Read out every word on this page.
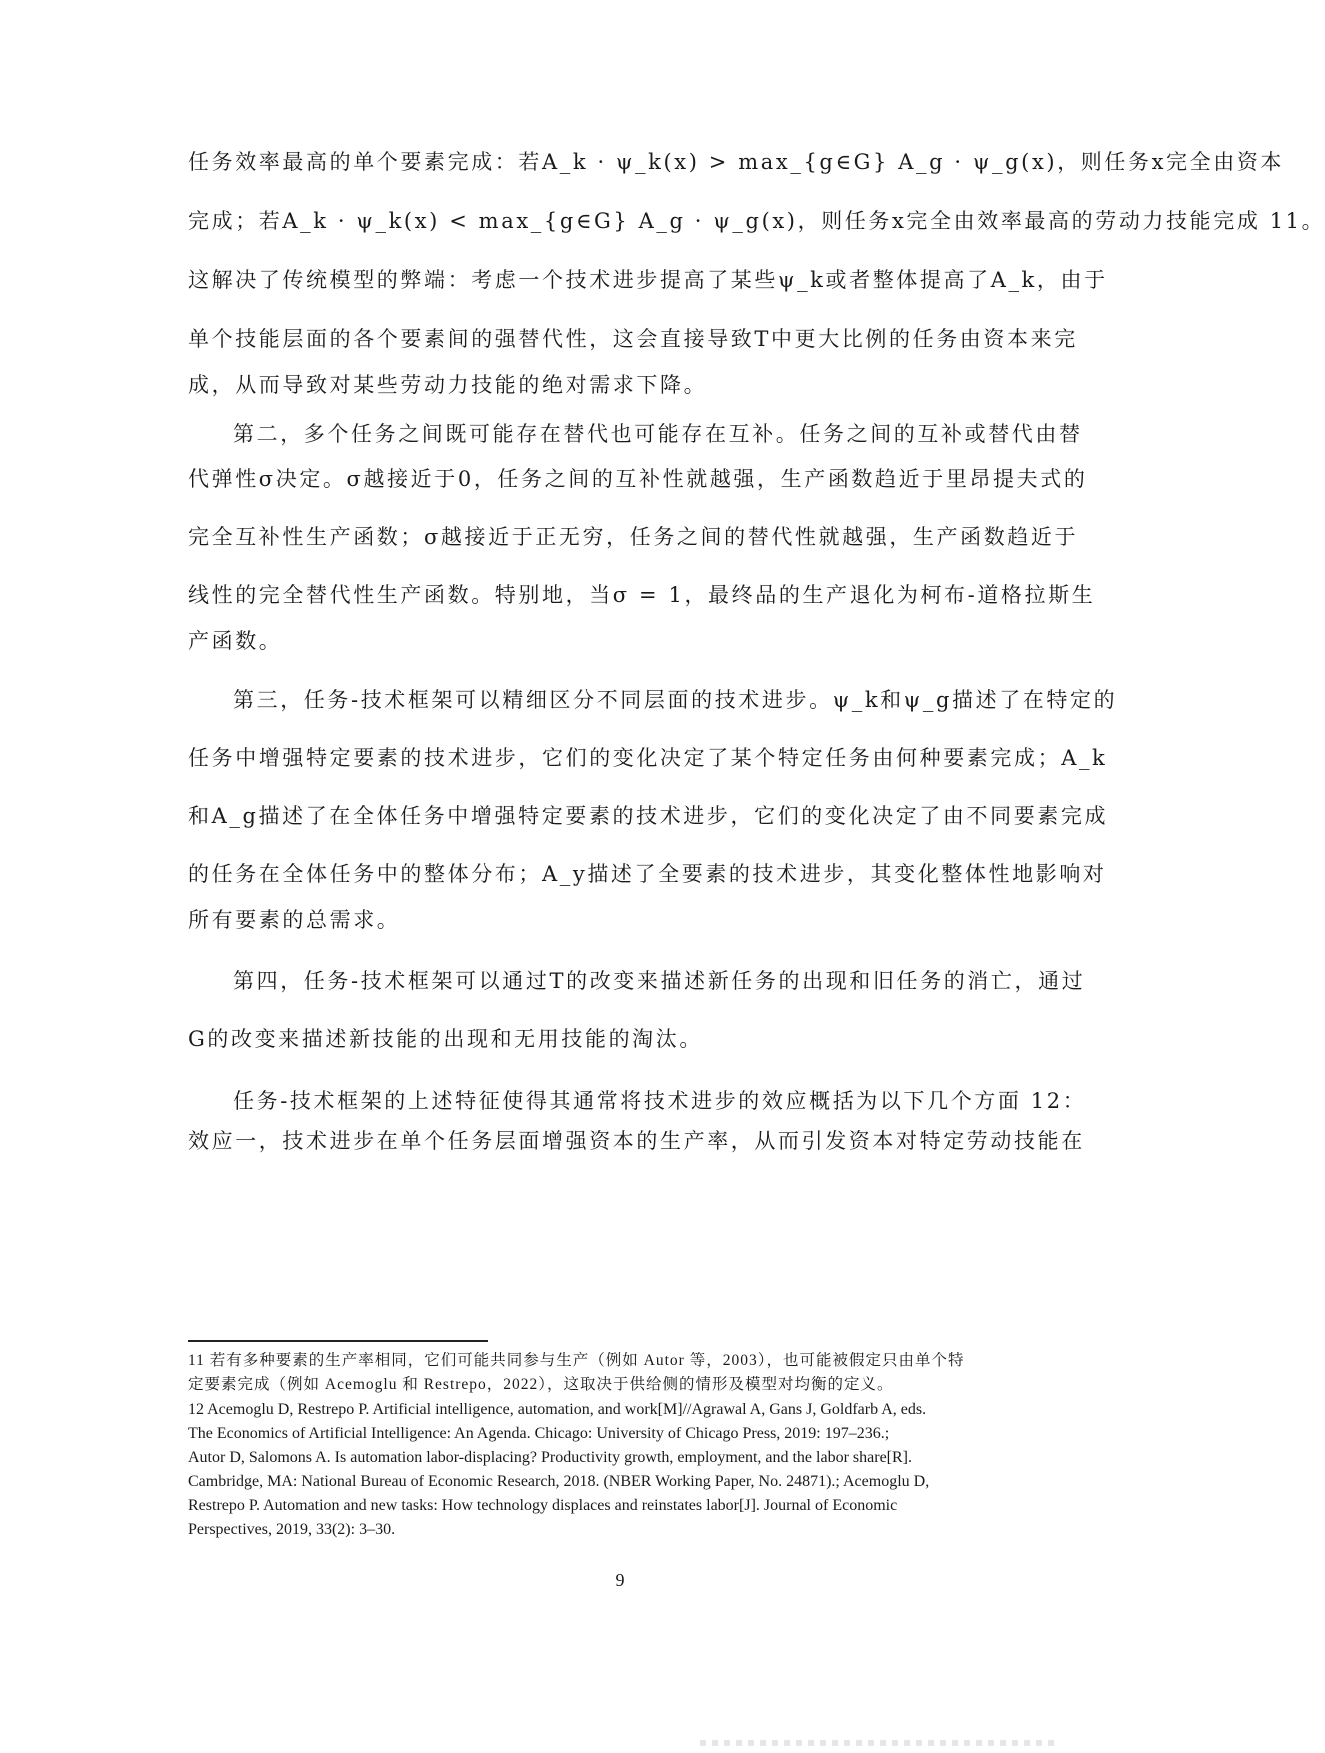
任务效率最高的单个要素完成：若A_k · ψ_k(x) > max_{g∈G} A_g · ψ_g(x)，则任务x完全由资本
完成；若A_k · ψ_k(x) < max_{g∈G} A_g · ψ_g(x)，则任务x完全由效率最高的劳动力技能完成 11。
这解决了传统模型的弊端：考虑一个技术进步提高了某些ψ_k或者整体提高了A_k，由于
单个技能层面的各个要素间的强替代性，这会直接导致T中更大比例的任务由资本来完
成，从而导致对某些劳动力技能的绝对需求下降。
第二，多个任务之间既可能存在替代也可能存在互补。任务之间的互补或替代由替
代弹性σ决定。σ越接近于0，任务之间的互补性就越强，生产函数趋近于里昂提夫式的
完全互补性生产函数；σ越接近于正无穷，任务之间的替代性就越强，生产函数趋近于
线性的完全替代性生产函数。特别地，当σ = 1，最终品的生产退化为柯布-道格拉斯生
产函数。
第三，任务-技术框架可以精细区分不同层面的技术进步。ψ_k和ψ_g描述了在特定的
任务中增强特定要素的技术进步，它们的变化决定了某个特定任务由何种要素完成；A_k
和A_g描述了在全体任务中增强特定要素的技术进步，它们的变化决定了由不同要素完成
的任务在全体任务中的整体分布；A_y描述了全要素的技术进步，其变化整体性地影响对
所有要素的总需求。
第四，任务-技术框架可以通过T的改变来描述新任务的出现和旧任务的消亡，通过
G的改变来描述新技能的出现和无用技能的淘汰。
任务-技术框架的上述特征使得其通常将技术进步的效应概括为以下几个方面 12：
效应一，技术进步在单个任务层面增强资本的生产率，从而引发资本对特定劳动技能在
11 若有多种要素的生产率相同，它们可能共同参与生产（例如 Autor 等，2003），也可能被假定只由单个特
定要素完成（例如 Acemoglu 和 Restrepo，2022），这取决于供给侧的情形及模型对均衡的定义。
12 Acemoglu D, Restrepo P. Artificial intelligence, automation, and work[M]//Agrawal A, Gans J, Goldfarb A, eds.
The Economics of Artificial Intelligence: An Agenda. Chicago: University of Chicago Press, 2019: 197–236.;
Autor D, Salomons A. Is automation labor-displacing? Productivity growth, employment, and the labor share[R].
Cambridge, MA: National Bureau of Economic Research, 2018. (NBER Working Paper, No. 24871).; Acemoglu D,
Restrepo P. Automation and new tasks: How technology displaces and reinstates labor[J]. Journal of Economic
Perspectives, 2019, 33(2): 3–30.
9
